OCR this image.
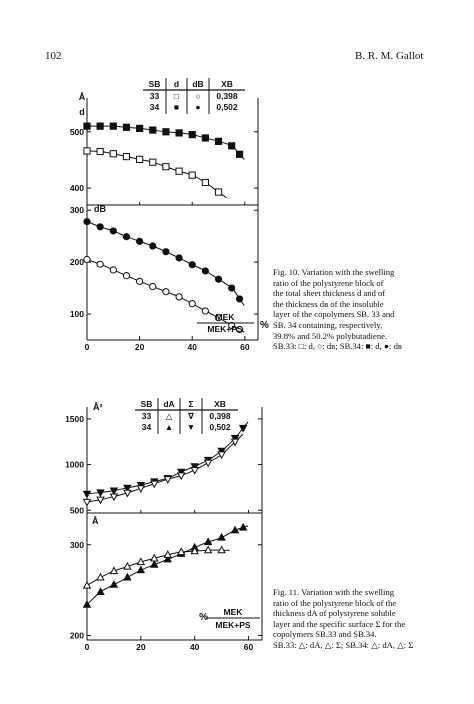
102	B. R. M. Gallot
500
400
300
200
100
0	20	40	60
Å
d
dB
SB d dB XB
33 □ ○ 0,398
34 ■ ● 0,502
MEK
MEK+PS %
1500
1000
500
300
200
0	20	40	60
Å²
Å
SB dA Σ XB
33 △ ∇ 0,398
34 ▲ ▼ 0,502
% MEK
MEK+PS
Fig. 10. Variation with the swelling
ratio of the polystyrene block of
the total sheet thickness d and of
the thickness dʙ of the insoluble
layer of the copolymers SB. 33 and
SB. 34 containing, respectively,
39.8% and 50.2% polybutadiene.
SB.33: □: d, ○: dʙ; SB.34: ■: d, ●: dʙ
Fig. 11. Variation with the swelling
ratio of the polystyrene block of the
thickness dA of polystyrene soluble
layer and the specific surface Σ for the
copolymers SB.33 and SB.34.
SB.33: △: dA, △: Σ; SB.34: △: dA, △: Σ
